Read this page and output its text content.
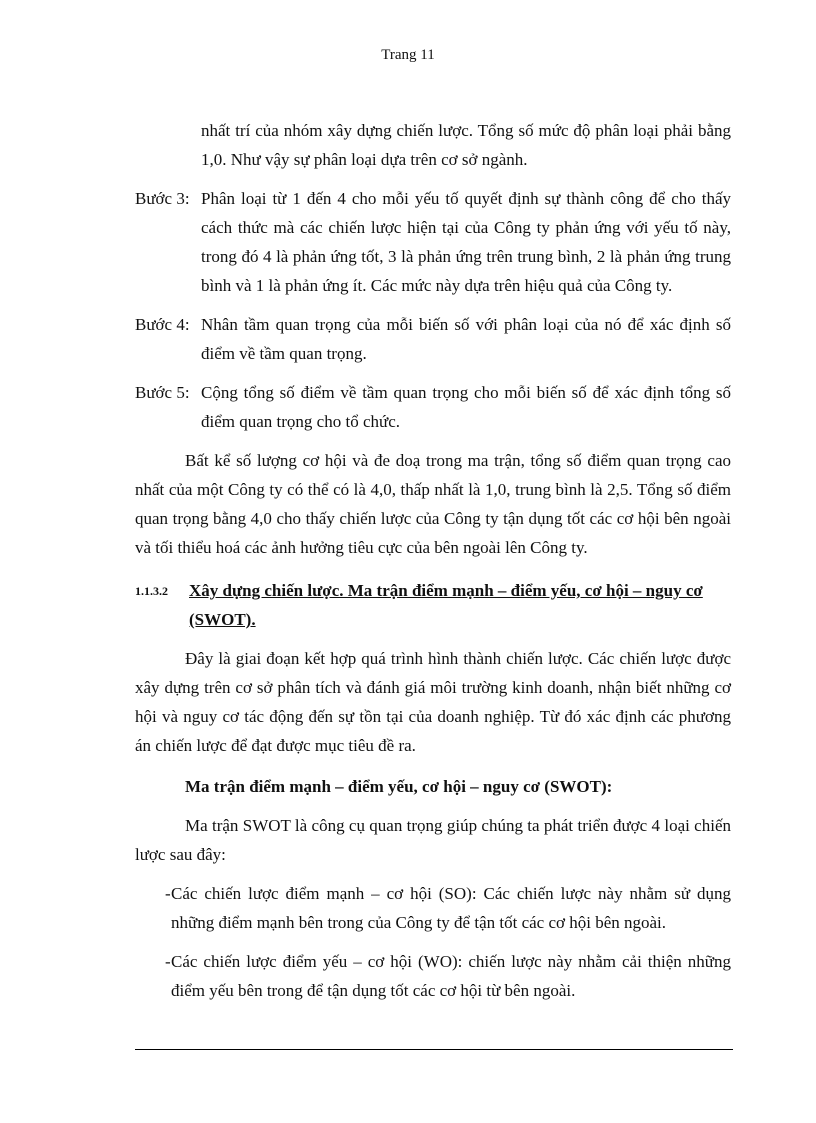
Trang 11

nhất trí của nhóm xây dựng chiến lược. Tổng số mức độ phân loại phải bằng 1,0. Như vậy sự phân loại dựa trên cơ sở ngành.

Bước 3: Phân loại từ 1 đến 4 cho mỗi yếu tố quyết định sự thành công để cho thấy cách thức mà các chiến lược hiện tại của Công ty phản ứng với yếu tố này, trong đó 4 là phản ứng tốt, 3 là phản ứng trên trung bình, 2 là phản ứng trung bình và 1 là phản ứng ít. Các mức này dựa trên hiệu quả của Công ty.

Bước 4: Nhân tầm quan trọng của mỗi biến số với phân loại của nó để xác định số điểm về tầm quan trọng.

Bước 5: Cộng tổng số điểm về tầm quan trọng cho mỗi biến số để xác định tổng số điểm quan trọng cho tổ chức.

Bất kể số lượng cơ hội và đe doạ trong ma trận, tổng số điểm quan trọng cao nhất của một Công ty có thể có là 4,0, thấp nhất là 1,0, trung bình là 2,5. Tổng số điểm quan trọng bằng 4,0 cho thấy chiến lược của Công ty tận dụng tốt các cơ hội bên ngoài và tối thiểu hoá các ảnh hưởng tiêu cực của bên ngoài lên Công ty.

1.1.3.2	Xây dựng chiến lược. Ma trận điểm mạnh – điểm yếu, cơ hội – nguy cơ (SWOT).

Đây là giai đoạn kết hợp quá trình hình thành chiến lược. Các chiến lược được xây dựng trên cơ sở phân tích và đánh giá môi trường kinh doanh, nhận biết những cơ hội và nguy cơ tác động đến sự tồn tại của doanh nghiệp. Từ đó xác định các phương án chiến lược để đạt được mục tiêu đề ra.

Ma trận điểm mạnh – điểm yếu, cơ hội – nguy cơ (SWOT):

Ma trận SWOT là công cụ quan trọng giúp chúng ta phát triển được 4 loại chiến lược sau đây:

- Các chiến lược điểm mạnh – cơ hội (SO): Các chiến lược này nhằm sử dụng những điểm mạnh bên trong của Công ty để tận tốt các cơ hội bên ngoài.

- Các chiến lược điểm yếu – cơ hội (WO): chiến lược này nhằm cải thiện những điểm yếu bên trong để tận dụng tốt các cơ hội từ bên ngoài.
